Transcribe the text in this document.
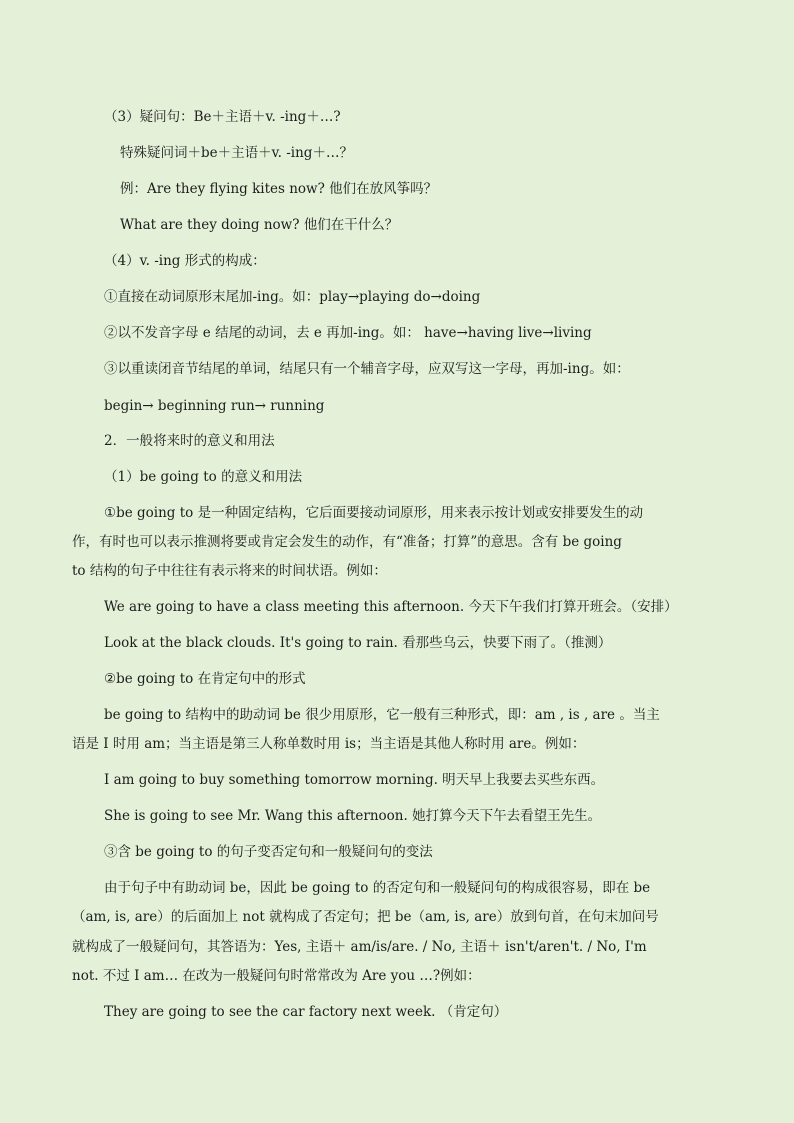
（3）疑问句：Be＋主语＋v. -ing＋…?
特殊疑问词＋be＋主语＋v. -ing＋…？
例：Are they flying kites now? 他们在放风筝吗？
What are they doing now? 他们在干什么？
（4）v. -ing 形式的构成：
①直接在动词原形末尾加-ing。如：play→playing do→doing
②以不发音字母 e 结尾的动词，去 e 再加-ing。如： have→having live→living
③以重读闭音节结尾的单词，结尾只有一个辅音字母，应双写这一字母，再加-ing。如：
begin→ beginning run→ running
2．一般将来时的意义和用法
（1）be going to 的意义和用法
①be going to 是一种固定结构，它后面要接动词原形，用来表示按计划或安排要发生的动
作，有时也可以表示推测将要或肯定会发生的动作，有“准备；打算”的意思。含有 be going
to 结构的句子中往往有表示将来的时间状语。例如：
We are going to have a class meeting this afternoon. 今天下午我们打算开班会。（安排）
Look at the black clouds. It's going to rain. 看那些乌云，快要下雨了。（推测）
②be going to 在肯定句中的形式
be going to 结构中的助动词 be 很少用原形，它一般有三种形式，即：am , is , are 。当主
语是 I 时用 am；当主语是第三人称单数时用 is；当主语是其他人称时用 are。例如：
I am going to buy something tomorrow morning. 明天早上我要去买些东西。
She is going to see Mr. Wang this afternoon. 她打算今天下午去看望王先生。
③含 be going to 的句子变否定句和一般疑问句的变法
由于句子中有助动词 be，因此 be going to 的否定句和一般疑问句的构成很容易，即在 be
（am, is, are）的后面加上 not 就构成了否定句；把 be（am, is, are）放到句首，在句末加问号
就构成了一般疑问句，其答语为：Yes, 主语＋ am/is/are. / No, 主语＋ isn't/aren't. / No, I'm
not. 不过 I am… 在改为一般疑问句时常常改为 Are you …?例如：
They are going to see the car factory next week. （肯定句）
